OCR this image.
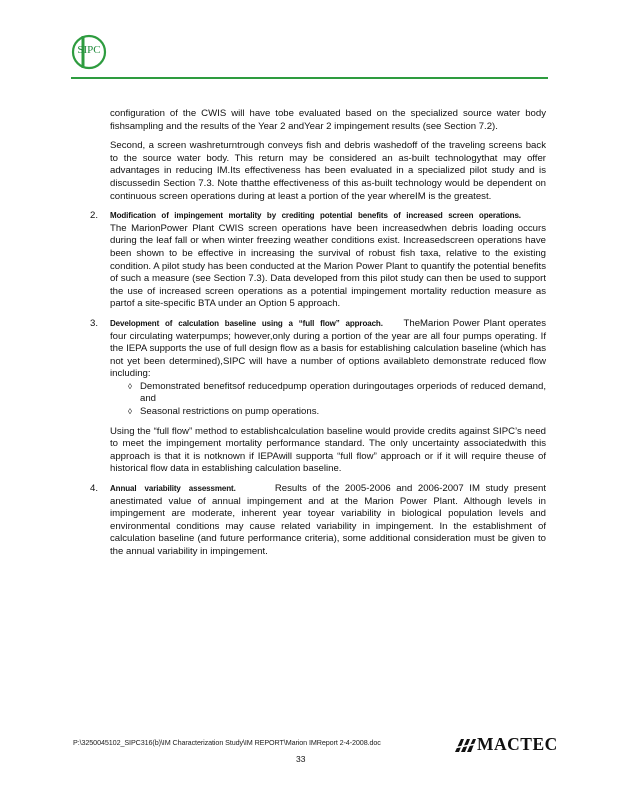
SIPC

configuration of the CWIS will have tobe evaluated based on the specialized source water body fishsampling and the results of the Year 2 andYear 2 impingement results (see Section 7.2).

Second, a screen washreturntrough conveys fish and debris washedoff of the traveling screens back to the source water body. This return may be considered an as-built technologythat may offer advantages in reducing IM.Its effectiveness has been evaluated in a specialized pilot study and is discussedin Section 7.3. Note thatthe effectiveness of this as-built technology would be dependent on continuous screen operations during at least a portion of the year whereIM is the greatest.

2. Modification of impingement mortality by crediting potential benefits of increased screen operations.  The MarionPower Plant CWIS screen operations have been increasedwhen debris loading occurs during the leaf fall or when winter freezing weather conditions exist. Increasedscreen operations have been shown to be effective in increasing the survival of robust fish taxa, relative to the existing condition. A pilot study has been conducted at the Marion Power Plant to quantify the potential benefits of such a measure (see Section 7.3). Data developed from this pilot study can then be used to support the use of increased screen operations as a potential impingement mortality reduction measure as partof a site-specific BTA under an Option 5 approach.
3. Development of calculation baseline using a “full flow” approach. TheMarion Power Plant operates four circulating waterpumps; however,only during a portion of the year are all four pumps operating. If the IEPA supports the use of full design flow as a basis for establishing calculation baseline (which has not yet been determined),SIPC will have a number of options availableto demonstrate reduced flow including:
◊ Demonstrated benefitsof reducedpump operation duringoutages orperiods of reduced demand, and
◊ Seasonal restrictions on pump operations.

Using the “full flow” method to establishcalculation baseline would provide credits against SIPC’s need to meet the impingement mortality performance standard. The only uncertainty associatedwith this approach is that it is notknown if IEPAwill supporta “full flow” approach or if it will require theuse of historical flow data in establishing calculation baseline.

4. Annual variability assessment.	Results of the 2005-2006 and 2006-2007 IM study present anestimated value of annual impingement and at the Marion Power Plant. Although levels in impingement are moderate, inherent year toyear variability in biological population levels and environmental conditions may cause related variability in impingement. In the establishment of calculation baseline (and future performance criteria), some additional consideration must be given to the annual variability in impingement.
P:\3250045102_SIPC316(b)\IM Characterization Study\IM REPORT\Marion IMReport 2-4-2008.doc
33
MACTEC
